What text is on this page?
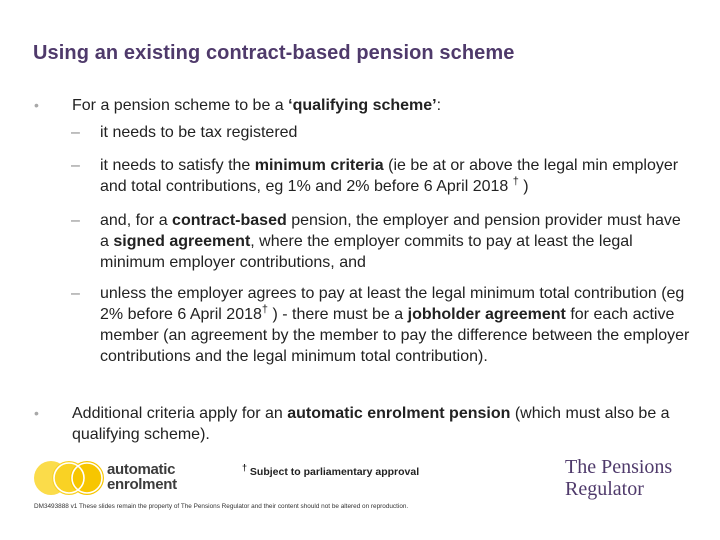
Using an existing contract-based pension scheme
• For a pension scheme to be a ‘qualifying scheme’:
– it needs to be tax registered
– it needs to satisfy the minimum criteria (ie be at or above the legal min employer and total contributions, eg 1% and 2% before 6 April 2018 † )
– and, for a contract-based pension, the employer and pension provider must have a signed agreement, where the employer commits to pay at least the legal minimum employer contributions, and
– unless the employer agrees to pay at least the legal minimum total contribution (eg 2% before 6 April 2018† ) - there must be a jobholder agreement for each active member (an agreement by the member to pay the difference between the employer contributions and the legal minimum total contribution).
• Additional criteria apply for an automatic enrolment pension (which must also be a qualifying scheme).
automatic
enrolment
† Subject to parliamentary approval	The Pensions
Regulator
DM3493888 v1 These slides remain the property of The Pensions Regulator and their content should not be altered on reproduction.
